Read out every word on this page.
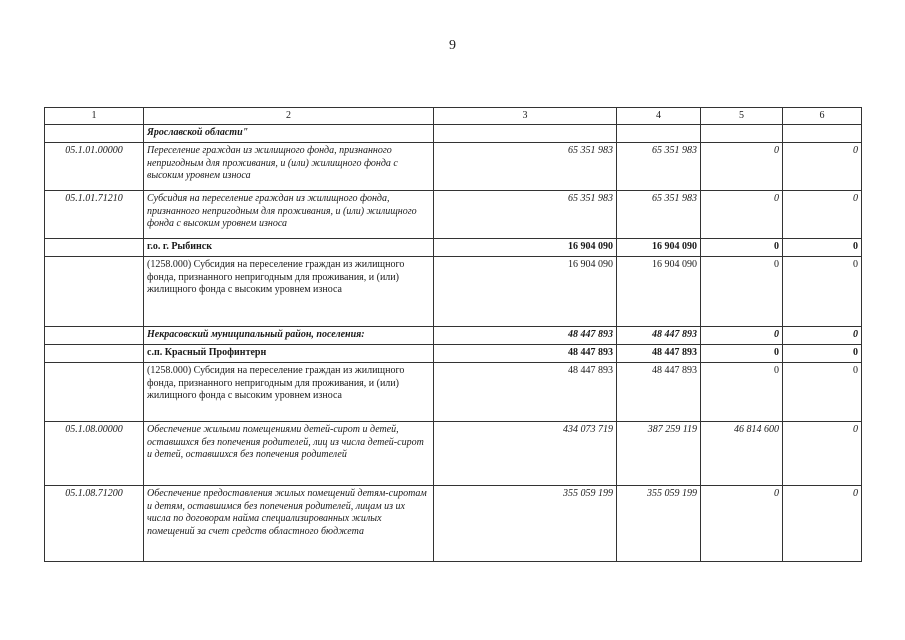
9
1	2	3	4	5	6
	Ярославской области"				
05.1.01.00000	Переселение граждан из жилищного фонда, признанного непригодным для проживания, и (или) жилищного фонда с высоким уровнем износа	65 351 983	65 351 983	0	0
05.1.01.71210	Субсидия на переселение граждан из жилищного фонда, признанного непригодным для проживания, и (или) жилищного фонда с высоким уровнем износа	65 351 983	65 351 983	0	0
	г.о. г. Рыбинск	16 904 090	16 904 090	0	0
	(1258.000) Субсидия на переселение граждан из жилищного фонда, признанного непригодным для проживания, и (или) жилищного фонда с высоким уровнем износа	16 904 090	16 904 090	0	0
	Некрасовский муниципальный район, поселения:	48 447 893	48 447 893	0	0
	с.п. Красный Профинтерн	48 447 893	48 447 893	0	0
	(1258.000) Субсидия на переселение граждан из жилищного фонда, признанного непригодным для проживания, и (или) жилищного фонда с высоким уровнем износа	48 447 893	48 447 893	0	0
05.1.08.00000	Обеспечение жилыми помещениями детей-сирот и детей, оставшихся без попечения родителей, лиц из числа детей-сирот и детей, оставшихся без попечения родителей	434 073 719	387 259 119	46 814 600	0
05.1.08.71200	Обеспечение предоставления жилых помещений детям-сиротам и детям, оставшимся без попечения родителей, лицам из их числа по договорам найма специализированных жилых помещений за счет средств областного бюджета	355 059 199	355 059 199	0	0
